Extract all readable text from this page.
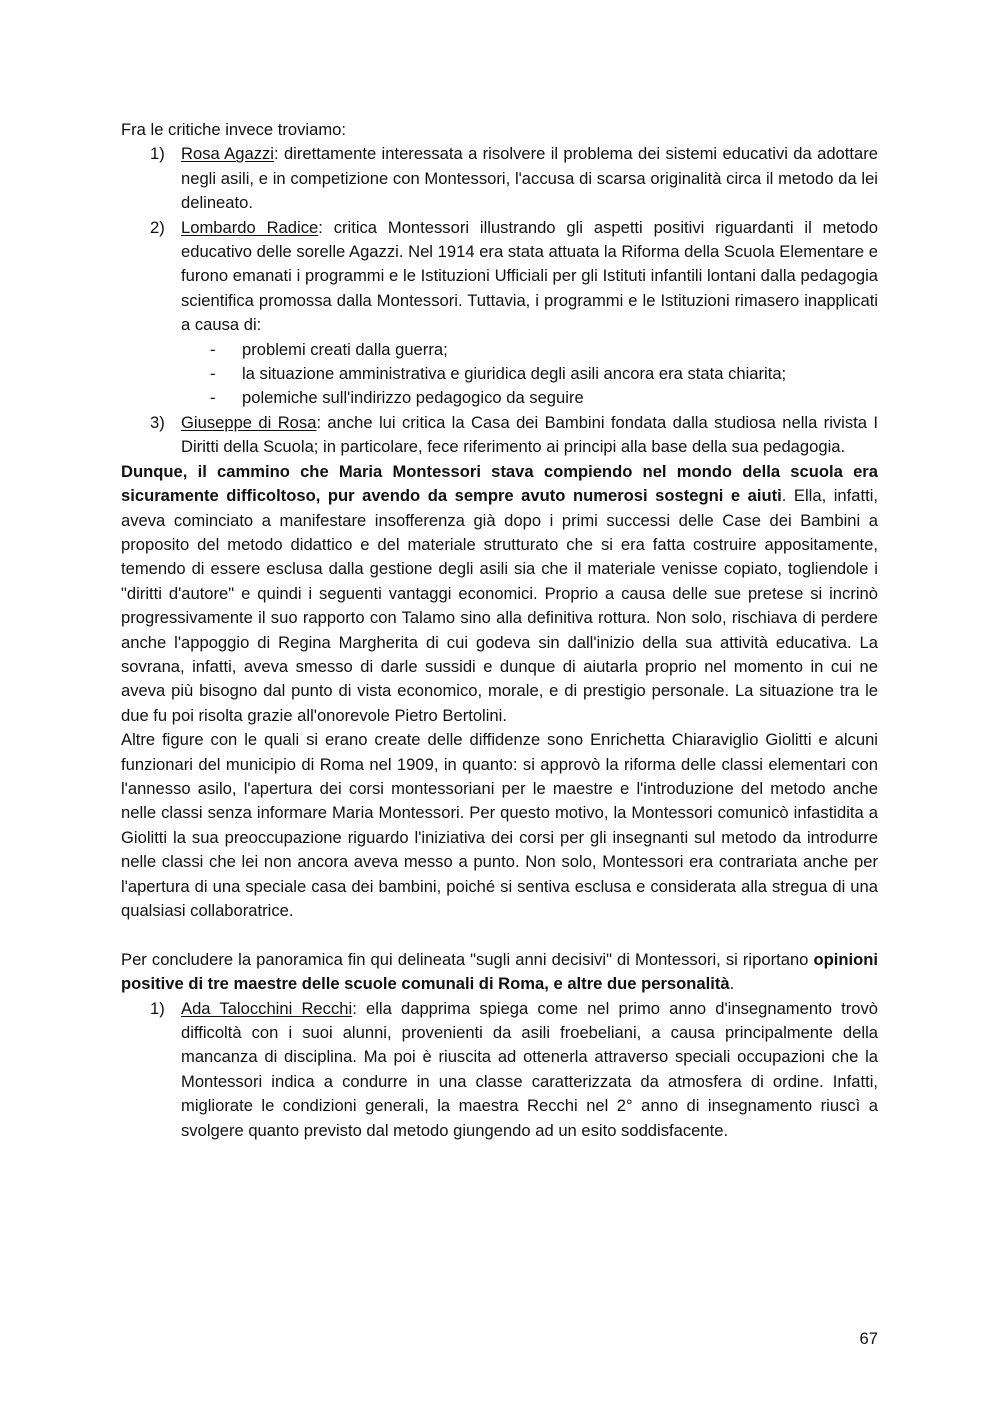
Fra le critiche invece troviamo:

1) Rosa Agazzi: direttamente interessata a risolvere il problema dei sistemi educativi da adottare negli asili, e in competizione con Montessori, l'accusa di scarsa originalità circa il metodo da lei delineato.
2) Lombardo Radice: critica Montessori illustrando gli aspetti positivi riguardanti il metodo educativo delle sorelle Agazzi. Nel 1914 era stata attuata la Riforma della Scuola Elementare e furono emanati i programmi e le Istituzioni Ufficiali per gli Istituti infantili lontani dalla pedagogia scientifica promossa dalla Montessori. Tuttavia, i programmi e le Istituzioni rimasero inapplicati a causa di:
- problemi creati dalla guerra;
- la situazione amministrativa e giuridica degli asili ancora era stata chiarita;
- polemiche sull'indirizzo pedagogico da seguire
3) Giuseppe di Rosa: anche lui critica la Casa dei Bambini fondata dalla studiosa nella rivista I Diritti della Scuola; in particolare, fece riferimento ai principi alla base della sua pedagogia.

Dunque, il cammino che Maria Montessori stava compiendo nel mondo della scuola era sicuramente difficoltoso, pur avendo da sempre avuto numerosi sostegni e aiuti. Ella, infatti, aveva cominciato a manifestare insofferenza già dopo i primi successi delle Case dei Bambini a proposito del metodo didattico e del materiale strutturato che si era fatta costruire appositamente, temendo di essere esclusa dalla gestione degli asili sia che il materiale venisse copiato, togliendole i "diritti d'autore" e quindi i seguenti vantaggi economici. Proprio a causa delle sue pretese si incrinò progressivamente il suo rapporto con Talamo sino alla definitiva rottura. Non solo, rischiava di perdere anche l'appoggio di Regina Margherita di cui godeva sin dall'inizio della sua attività educativa. La sovrana, infatti, aveva smesso di darle sussidi e dunque di aiutarla proprio nel momento in cui ne aveva più bisogno dal punto di vista economico, morale, e di prestigio personale. La situazione tra le due fu poi risolta grazie all'onorevole Pietro Bertolini.

Altre figure con le quali si erano create delle diffidenze sono Enrichetta Chiaraviglio Giolitti e alcuni funzionari del municipio di Roma nel 1909, in quanto: si approvò la riforma delle classi elementari con l'annesso asilo, l'apertura dei corsi montessoriani per le maestre e l'introduzione del metodo anche nelle classi senza informare Maria Montessori. Per questo motivo, la Montessori comunicò infastidita a Giolitti la sua preoccupazione riguardo l'iniziativa dei corsi per gli insegnanti sul metodo da introdurre nelle classi che lei non ancora aveva messo a punto. Non solo, Montessori era contrariata anche per l'apertura di una speciale casa dei bambini, poiché si sentiva esclusa e considerata alla stregua di una qualsiasi collaboratrice.

Per concludere la panoramica fin qui delineata "sugli anni decisivi" di Montessori, si riportano opinioni positive di tre maestre delle scuole comunali di Roma, e altre due personalità.

1) Ada Talocchini Recchi: ella dapprima spiega come nel primo anno d'insegnamento trovò difficoltà con i suoi alunni, provenienti da asili froebeliani, a causa principalmente della mancanza di disciplina. Ma poi è riuscita ad ottenerla attraverso speciali occupazioni che la Montessori indica a condurre in una classe caratterizzata da atmosfera di ordine. Infatti, migliorate le condizioni generali, la maestra Recchi nel 2° anno di insegnamento riuscì a svolgere quanto previsto dal metodo giungendo ad un esito soddisfacente.
67
